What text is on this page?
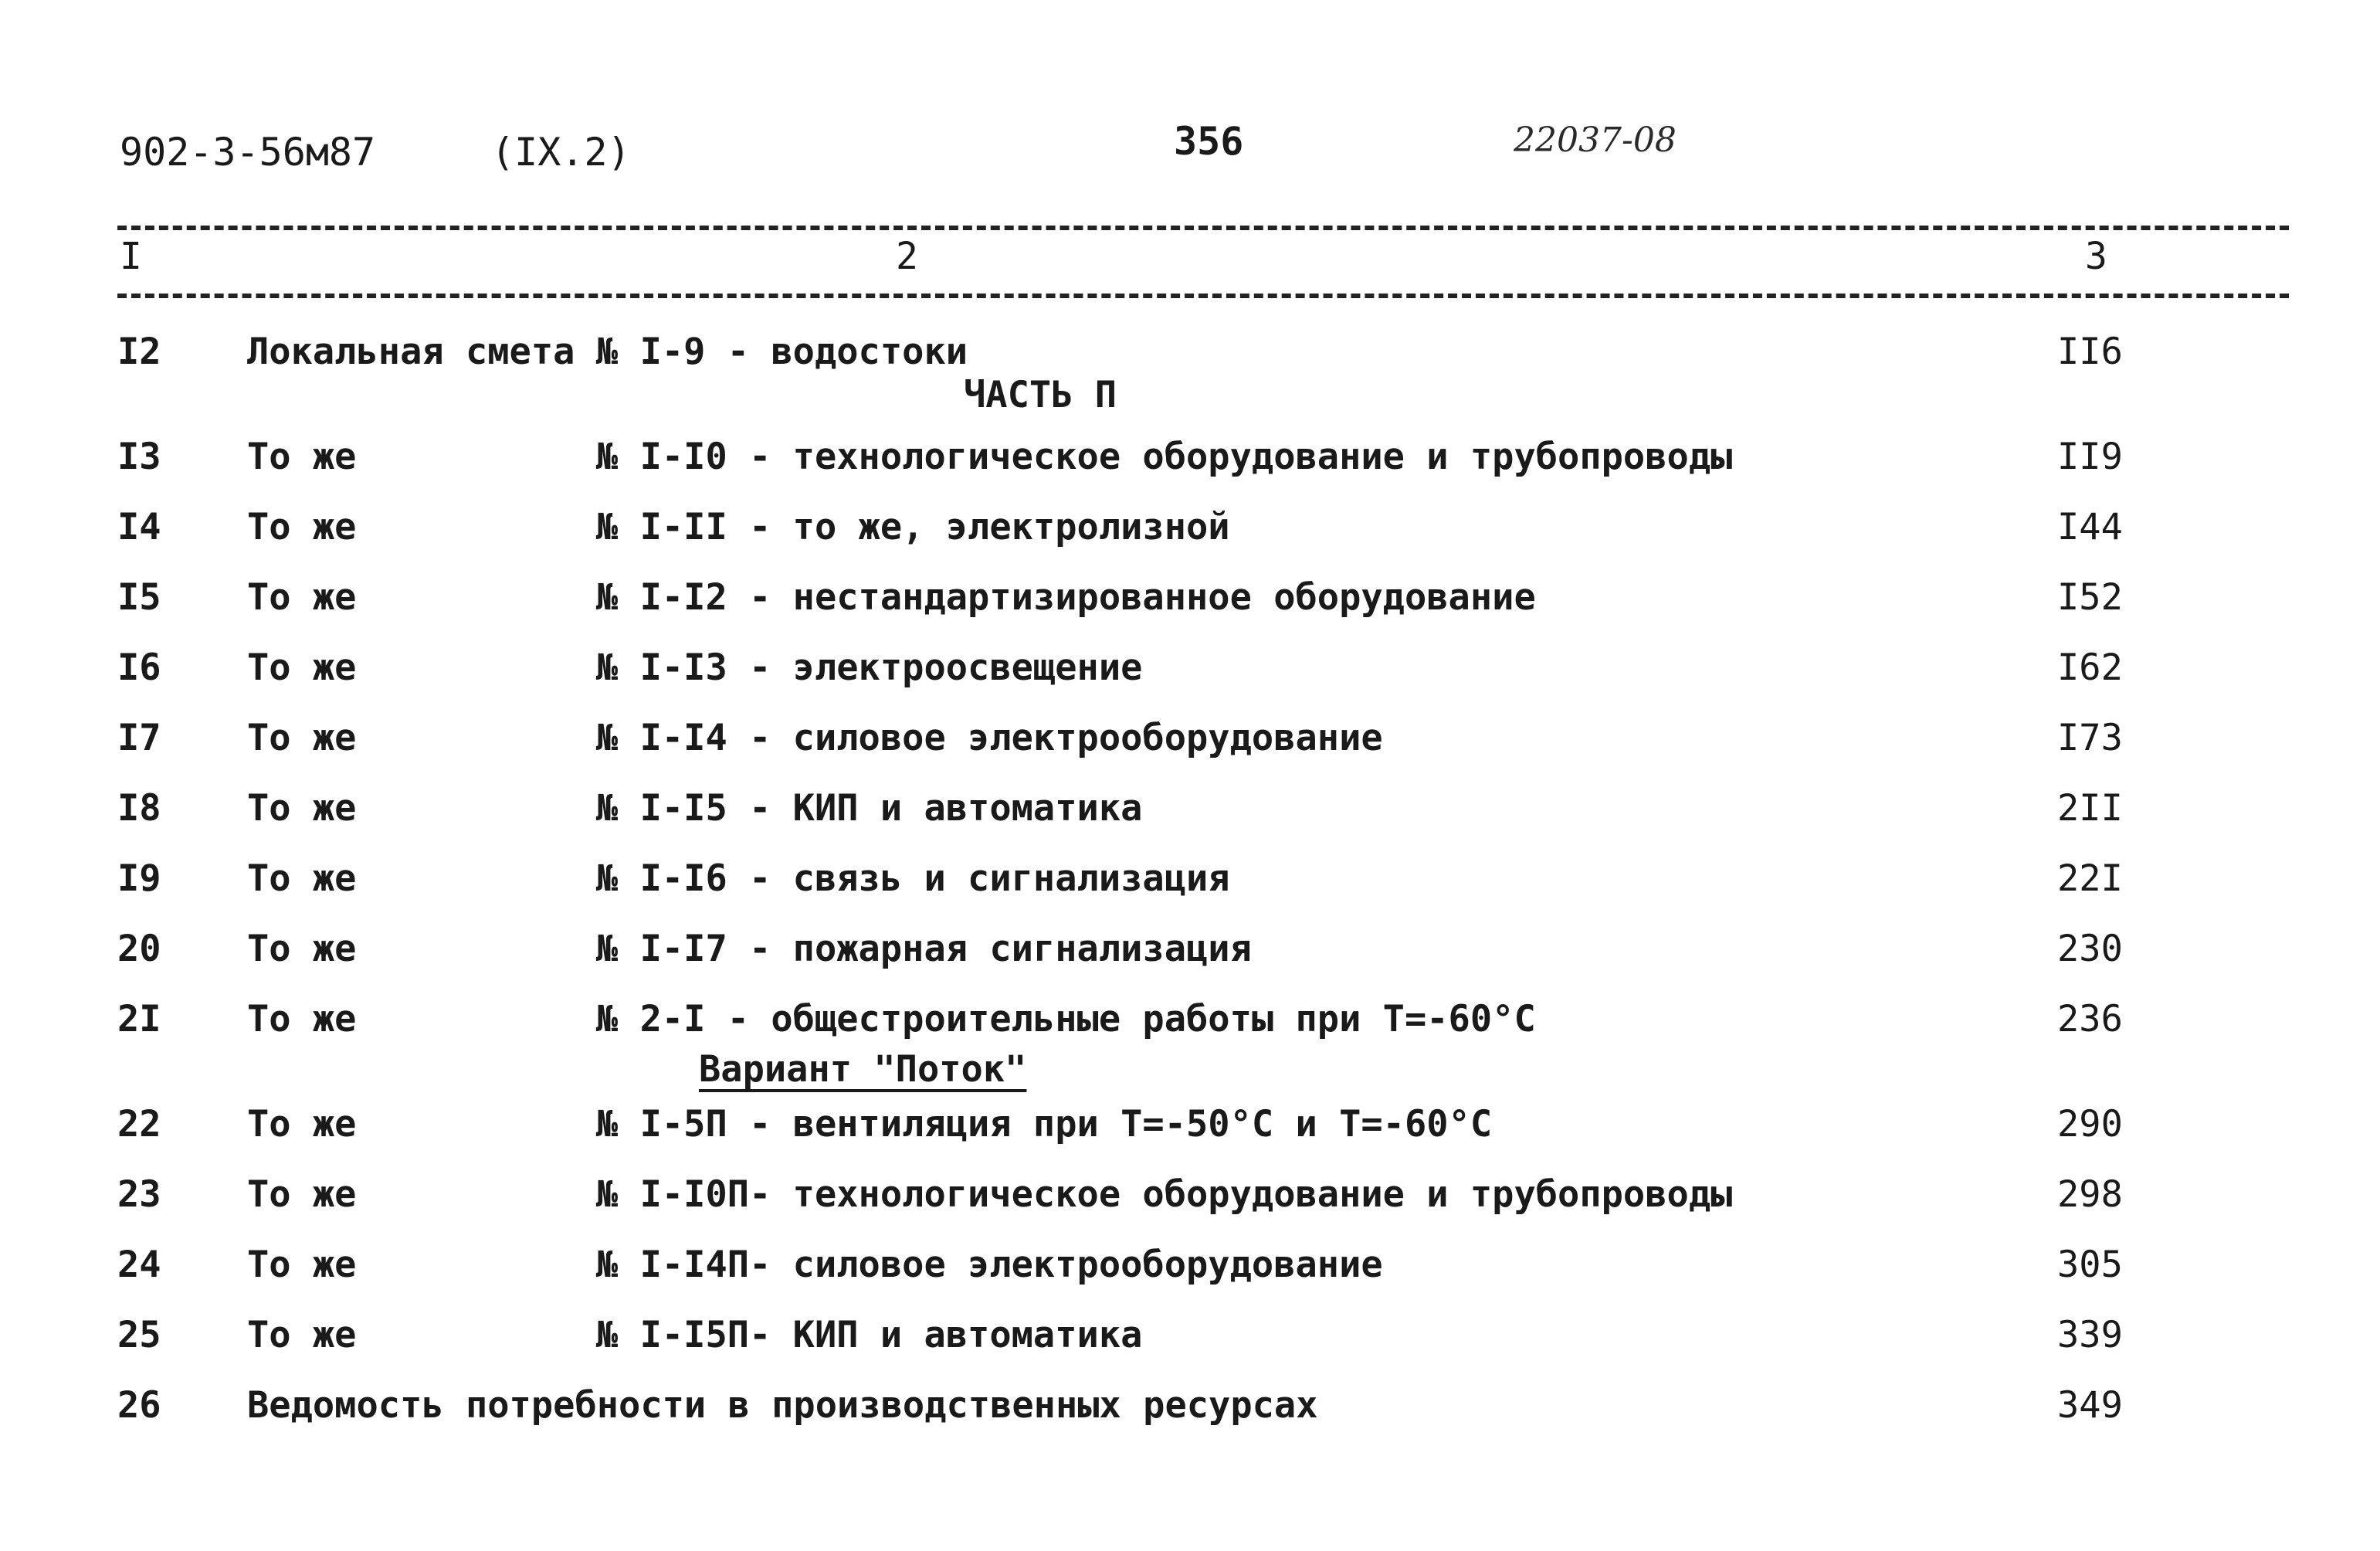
902-3-56м87	(IX.2)	356	22037-08
I	2	3
I2 Локальная смета № I-9 - водостоки	II6
ЧАСТЬ П
I3 То же	№ I-I0 - технологическое оборудование и трубопроводы	II9
I4 То же	№ I-II - то же, электролизной	I44
I5 То же	№ I-I2 - нестандартизированное оборудование	I52
I6 То же	№ I-I3 - электроосвещение	I62
I7 То же	№ I-I4 - силовое электрооборудование	I73
I8 То же	№ I-I5 - КИП и автоматика	2II
I9 То же	№ I-I6 - связь и сигнализация	22I
20 То же	№ I-I7 - пожарная сигнализация	230
2I То же	№ 2-I - общестроительные работы при Т=-60°С	236
Вариант "Поток"
22 То же	№ I-5П - вентиляция при Т=-50°С и Т=-60°С	290
23 То же	№ I-I0П- технологическое оборудование и трубопроводы	298
24 То же	№ I-I4П- силовое электрооборудование	305
25 То же	№ I-I5П- КИП и автоматика	339
26 Ведомость потребности в производственных ресурсах	349
